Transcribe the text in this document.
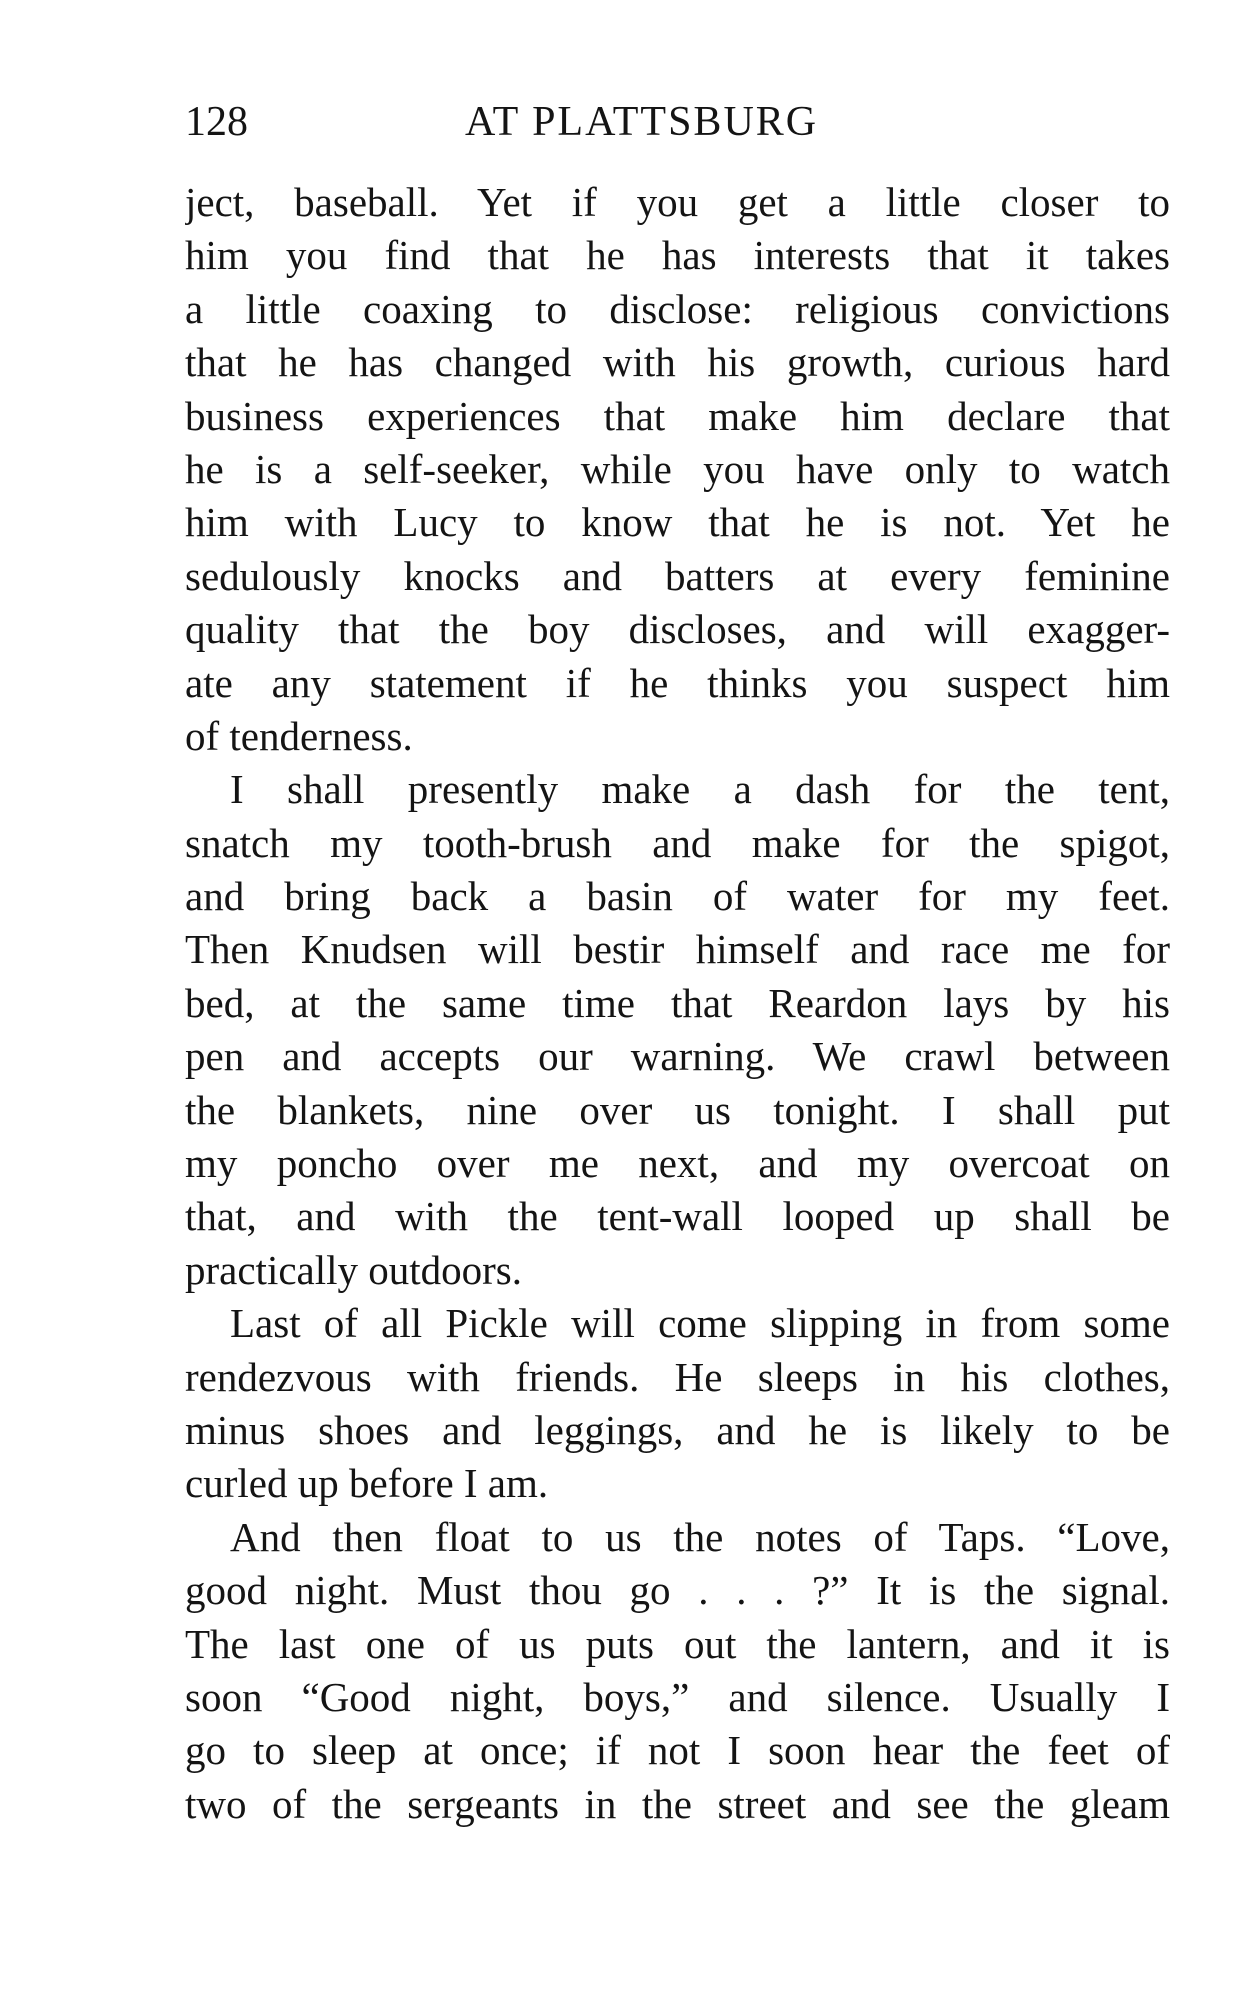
128	AT PLATTSBURG
ject, baseball. Yet if you get a little closer to
him you find that he has interests that it takes
a little coaxing to disclose: religious convictions
that he has changed with his growth, curious hard
business experiences that make him declare that
he is a self-seeker, while you have only to watch
him with Lucy to know that he is not. Yet he
sedulously knocks and batters at every feminine
quality that the boy discloses, and will exagger-
ate any statement if he thinks you suspect him
of tenderness.
I shall presently make a dash for the tent,
snatch my tooth-brush and make for the spigot,
and bring back a basin of water for my feet.
Then Knudsen will bestir himself and race me for
bed, at the same time that Reardon lays by his
pen and accepts our warning. We crawl between
the blankets, nine over us tonight. I shall put
my poncho over me next, and my overcoat on
that, and with the tent-wall looped up shall be
practically outdoors.
Last of all Pickle will come slipping in from some
rendezvous with friends. He sleeps in his clothes,
minus shoes and leggings, and he is likely to be
curled up before I am.
And then float to us the notes of Taps. “Love,
good night. Must thou go . . . ?” It is the signal.
The last one of us puts out the lantern, and it is
soon “Good night, boys,” and silence. Usually I
go to sleep at once; if not I soon hear the feet of
two of the sergeants in the street and see the gleam
